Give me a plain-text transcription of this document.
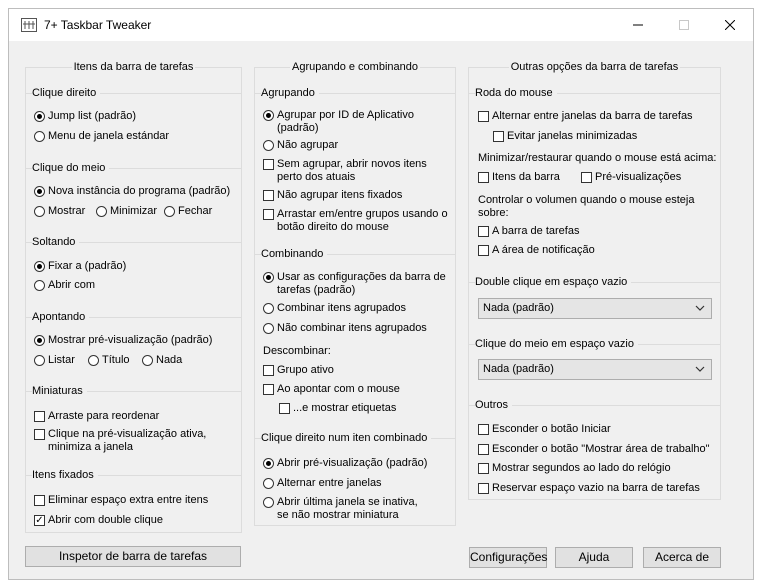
7+ Taskbar Tweaker
Itens da barra de tarefas
Clique direito
Jump list (padrão)
Menu de janela estándar
Clique do meio
Nova instância do programa (padrão)
Mostrar Minimizar Fechar
Soltando
Fixar a (padrão)
Abrir com
Apontando
Mostrar pré-visualização (padrão)
Listar Título Nada
Miniaturas
Arraste para reordenar
Clique na pré-visualização ativa,
minimiza a janela
Itens fixados
Eliminar espaço extra entre itens
✓ Abrir com double clique
Agrupando e combinando
Agrupando
Agrupar por ID de Aplicativo
(padrão)
Não agrupar
Sem agrupar, abrir novos itens
perto dos atuais
Não agrupar itens fixados
Arrastar em/entre grupos usando o
botão direito do mouse
Combinando
Usar as configurações da barra de
tarefas (padrão)
Combinar itens agrupados
Não combinar itens agrupados
Descombinar:
Grupo ativo
Ao apontar com o mouse
...e mostrar etiquetas
Clique direito num iten combinado
Abrir pré-visualização (padrão)
Alternar entre janelas
Abrir última janela se inativa,
se não mostrar miniatura
Outras opções da barra de tarefas
Roda do mouse
Alternar entre janelas da barra de tarefas
Evitar janelas minimizadas
Minimizar/restaurar quando o mouse está acima:
Itens da barra	Pré-visualizações
Controlar o volumen quando o mouse esteja
sobre:
A barra de tarefas
A área de notificação
Double clique em espaço vazio
Nada (padrão)
Clique do meio em espaço vazio
Nada (padrão)
Outros
Esconder o botão Iniciar
Esconder o botão "Mostrar área de trabalho"
Mostrar segundos ao lado do relógio
Reservar espaço vazio na barra de tarefas
Inspetor de barra de tarefas	Configurações	Ajuda	Acerca de
